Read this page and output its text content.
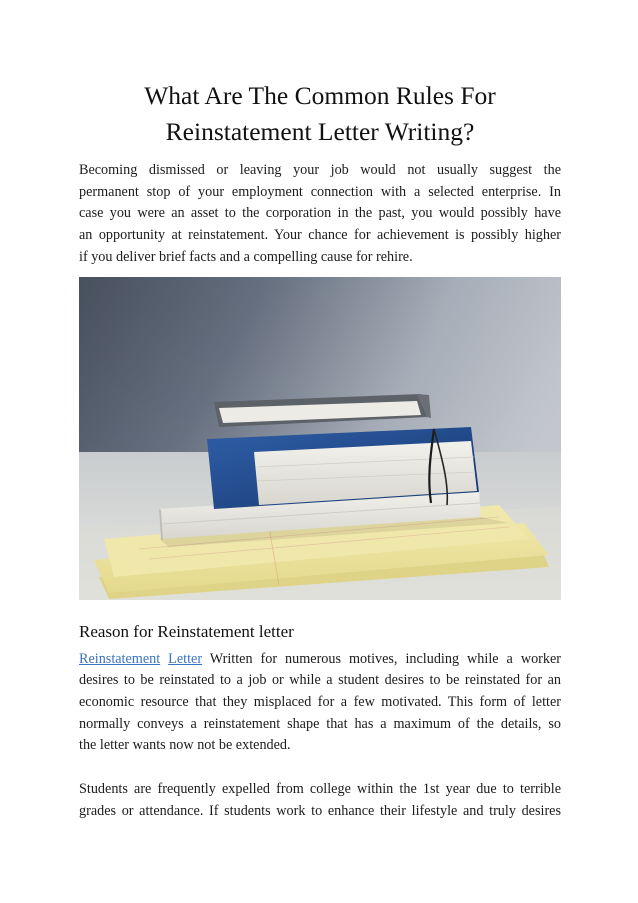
What Are The Common Rules For
Reinstatement Letter Writing?

Becoming dismissed or leaving your job would not usually suggest the
permanent stop of your employment connection with a selected enterprise. In
case you were an asset to the corporation in the past, you would possibly have
an opportunity at reinstatement. Your chance for achievement is possibly higher
if you deliver brief facts and a compelling cause for rehire.

Reason for Reinstatement letter

Reinstatement Letter Written for numerous motives, including while a worker
desires to be reinstated to a job or while a student desires to be reinstated for an
economic resource that they misplaced for a few motivated. This form of letter
normally conveys a reinstatement shape that has a maximum of the details, so
the letter wants now not be extended.

Students are frequently expelled from college within the 1st year due to terrible
grades or attendance. If students work to enhance their lifestyle and truly desires
